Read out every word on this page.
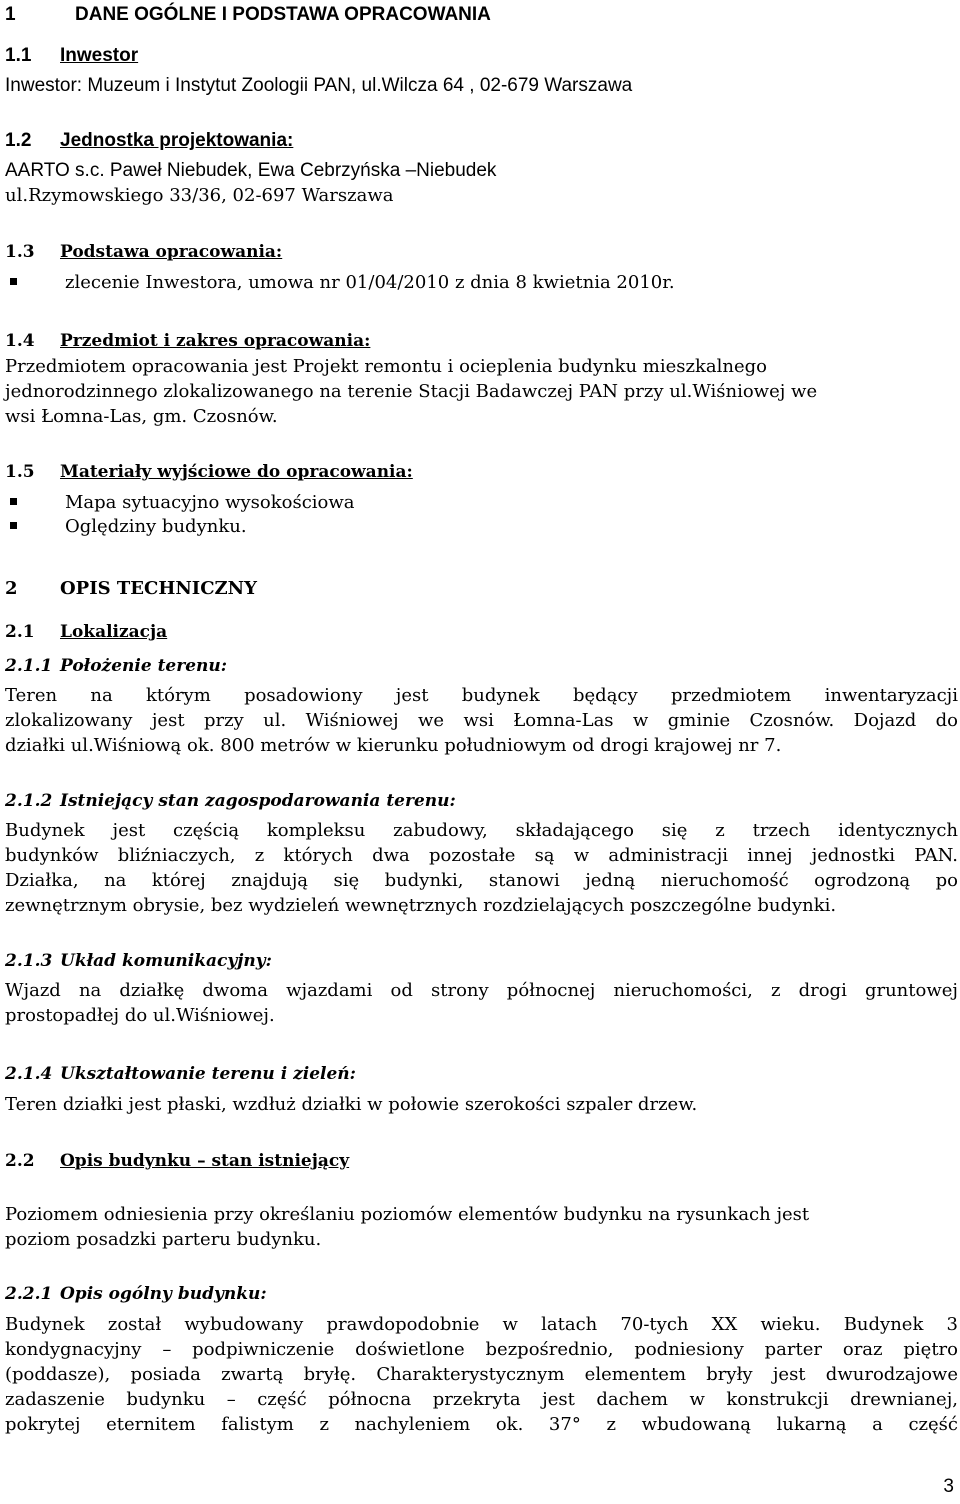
1	DANE OGÓLNE I PODSTAWA OPRACOWANIA
1.1 Inwestor
Inwestor: Muzeum i Instytut Zoologii PAN, ul.Wilcza 64 , 02-679 Warszawa
1.2 Jednostka projektowania:
AARTO s.c. Paweł Niebudek, Ewa Cebrzyńska –Niebudek
ul.Rzymowskiego 33/36, 02-697 Warszawa
1.3 Podstawa opracowania:
zlecenie Inwestora, umowa nr 01/04/2010 z dnia 8 kwietnia 2010r.
1.4 Przedmiot i zakres opracowania:
Przedmiotem opracowania jest Projekt remontu i ocieplenia budynku mieszkalnego
jednorodzinnego zlokalizowanego na terenie Stacji Badawczej PAN przy ul.Wiśniowej we
wsi Łomna-Las, gm. Czosnów.
1.5 Materiały wyjściowe do opracowania:
Mapa sytuacyjno wysokościowa
Oględziny budynku.
2 OPIS TECHNICZNY
2.1 Lokalizacja
2.1.1 Położenie terenu:
Teren na którym posadowiony jest budynek będący przedmiotem inwentaryzacji
zlokalizowany jest przy ul. Wiśniowej we wsi Łomna-Las w gminie Czosnów. Dojazd do
działki ul.Wiśniową ok. 800 metrów w kierunku południowym od drogi krajowej nr 7.
2.1.2 Istniejący stan zagospodarowania terenu:
Budynek jest częścią kompleksu zabudowy, składającego się z trzech identycznych
budynków bliźniaczych, z których dwa pozostałe są w administracji innej jednostki PAN.
Działka, na której znajdują się budynki, stanowi jedną nieruchomość ogrodzoną po
zewnętrznym obrysie, bez wydzieleń wewnętrznych rozdzielających poszczególne budynki.
2.1.3 Układ komunikacyjny:
Wjazd na działkę dwoma wjazdami od strony północnej nieruchomości, z drogi gruntowej
prostopadłej do ul.Wiśniowej.
2.1.4 Ukształtowanie terenu i zieleń:
Teren działki jest płaski, wzdłuż działki w połowie szerokości szpaler drzew.
2.2 Opis budynku – stan istniejący
Poziomem odniesienia przy określaniu poziomów elementów budynku na rysunkach jest
poziom posadzki parteru budynku.
2.2.1 Opis ogólny budynku:
Budynek został wybudowany prawdopodobnie w latach 70-tych XX wieku. Budynek 3
kondygnacyjny – podpiwniczenie doświetlone bezpośrednio, podniesiony parter oraz piętro
(poddasze), posiada zwartą bryłę. Charakterystycznym elementem bryły jest dwurodzajowe
zadaszenie budynku – część północna przekryta jest dachem w konstrukcji drewnianej,
pokrytej eternitem falistym z nachyleniem ok. 37° z wbudowaną lukarną a część
3
